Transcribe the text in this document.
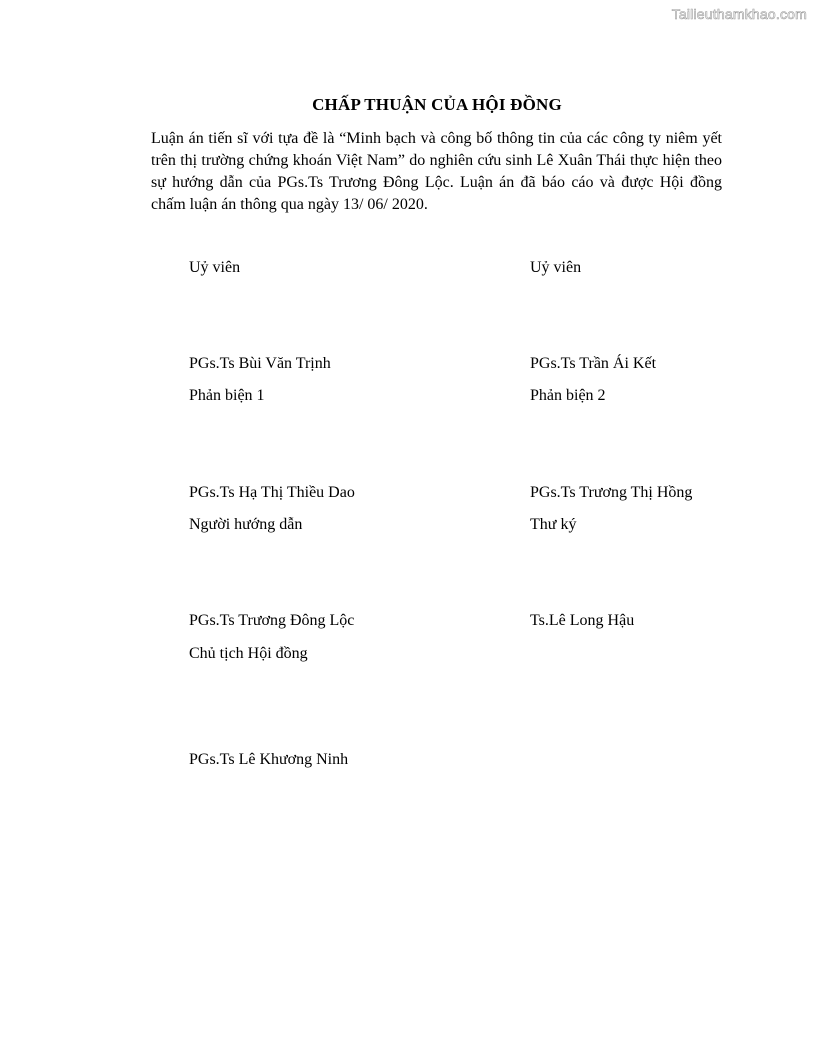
Tailieuthamkhao.com
CHẤP THUẬN CỦA HỘI ĐỒNG
Luận án tiến sĩ với tựa đề là “Minh bạch và công bố thông tin của các công ty niêm yết trên thị trường chứng khoán Việt Nam” do nghiên cứu sinh Lê Xuân Thái thực hiện theo sự hướng dẫn của PGs.Ts Trương Đông Lộc. Luận án đã báo cáo và được Hội đồng chấm luận án thông qua ngày 13/ 06/ 2020.
Uỷ viên	Uỷ viên
PGs.Ts Bùi Văn Trịnh	PGs.Ts Trần Ái Kết
Phản biện 1	Phản biện 2
PGs.Ts Hạ Thị Thiều Dao	PGs.Ts Trương Thị Hồng
Người hướng dẫn	Thư ký
PGs.Ts Trương Đông Lộc	Ts.Lê Long Hậu
Chủ tịch Hội đồng
PGs.Ts Lê Khương Ninh
